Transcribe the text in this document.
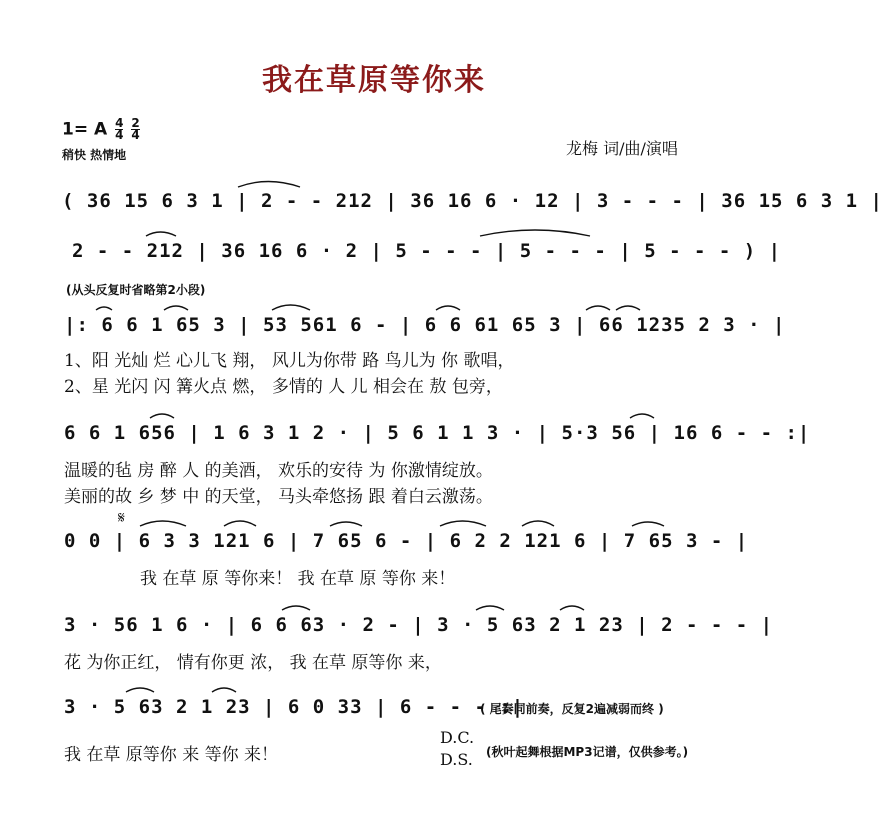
我在草原等你来
1= A $\frac{4}{4}$
$\frac{2}{4}$
稍快 热情地	龙梅 词/曲/演唱
( 36 15 6 3 1 | 2 - - 212 | 36 16 6 · 12 | 3 - - - | 36 15 6 3 1 |
2 - - 212 | 36 16 6 · 2 | 5 - - - | 5 - - - | 5 - - - ) |
(从头反复时省略第2小段)
|: 6 6 1 65 3 | 53 561 6 - | 6 6 61 65 3 | 66 1235 2 3 · |
1、阳 光灿 烂 心儿飞 翔， 风儿为你带 路 鸟儿为 你 歌唱，
2、星 光闪 闪 篝火点 燃， 多情的 人 儿 相会在 敖 包旁，
6 6 1 656 | 1 6 3 1 2 · | 5 6 1 1 3 · | 5·3 56 | 16 6 - - :|
温暖的毡 房 醉 人 的美酒， 欢乐的安待 为 你激情绽放。
美丽的故 乡 梦 中 的天堂， 马头牵悠扬 跟 着白云激荡。
𝄋
0 0 | 6 3 3 121 6 | 7 65 6 - | 6 2 2 121 6 | 7 65 3 - |
我 在草 原 等你来！ 我 在草 原 等你 来！
3 · 56 1 6 · | 6 6 63 · 2 - | 3 · 5 63 2 1 23 | 2 - - - |
花 为你正红， 情有你更 浓， 我 在草 原等你 来，
3 · 5 63 2 1 23 | 6 0 33 | 6 - - - :|
( 尾奏同前奏，反复2遍减弱而终 )
我 在草 原等你 来 等你 来！
D.C.
D.S. (秋叶起舞根据MP3记谱，仅供参考。)
